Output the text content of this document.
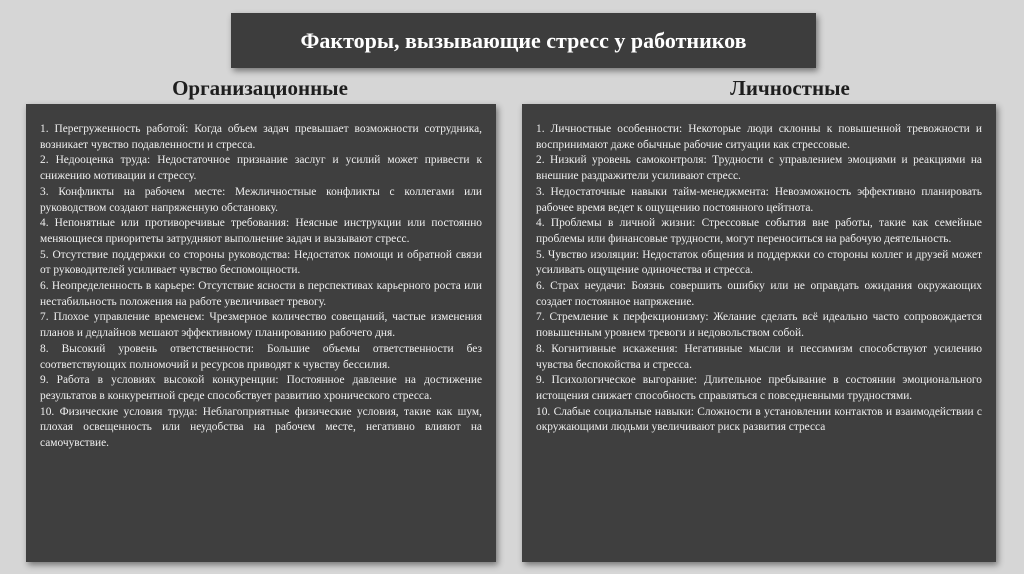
Факторы, вызывающие стресс у работников
Организационные	Личностные

1. Перегруженность работой: Когда объем задач превышает возможности сотрудника, возникает чувство подавленности и стресса.

2. Недооценка труда: Недостаточное признание заслуг и усилий может привести к снижению мотивации и стрессу.

3. Конфликты на рабочем месте: Межличностные конфликты с коллегами или руководством создают напряженную обстановку.

4. Непонятные или противоречивые требования: Неясные инструкции или постоянно меняющиеся приоритеты затрудняют выполнение задач и вызывают стресс.

5. Отсутствие поддержки со стороны руководства: Недостаток помощи и обратной связи от руководителей усиливает чувство беспомощности.

6. Неопределенность в карьере: Отсутствие ясности в перспективах карьерного роста или нестабильность положения на работе увеличивает тревогу.

7. Плохое управление временем: Чрезмерное количество совещаний, частые изменения планов и дедлайнов мешают эффективному планированию рабочего дня.

8. Высокий уровень ответственности: Большие объемы ответственности без соответствующих полномочий и ресурсов приводят к чувству бессилия.

9. Работа в условиях высокой конкуренции: Постоянное давление на достижение результатов в конкурентной среде способствует развитию хронического стресса.

10. Физические условия труда: Неблагоприятные физические условия, такие как шум, плохая освещенность или неудобства на рабочем месте, негативно влияют на самочувствие.

1. Личностные особенности: Некоторые люди склонны к повышенной тревожности и воспринимают даже обычные рабочие ситуации как стрессовые.

2. Низкий уровень самоконтроля: Трудности с управлением эмоциями и реакциями на внешние раздражители усиливают стресс.

3. Недостаточные навыки тайм-менеджмента: Невозможность эффективно планировать рабочее время ведет к ощущению постоянного цейтнота.

4. Проблемы в личной жизни: Стрессовые события вне работы, такие как семейные проблемы или финансовые трудности, могут переноситься на рабочую деятельность.

5. Чувство изоляции: Недостаток общения и поддержки со стороны коллег и друзей может усиливать ощущение одиночества и стресса.

6. Страх неудачи: Боязнь совершить ошибку или не оправдать ожидания окружающих создает постоянное напряжение.

7. Стремление к перфекционизму: Желание сделать всё идеально часто сопровождается повышенным уровнем тревоги и недовольством собой.

8. Когнитивные искажения: Негативные мысли и пессимизм способствуют усилению чувства беспокойства и стресса.

9. Психологическое выгорание: Длительное пребывание в состоянии эмоционального истощения снижает способность справляться с повседневными трудностями.

10. Слабые социальные навыки: Сложности в установлении контактов и взаимодействии с окружающими людьми увеличивают риск развития стресса
